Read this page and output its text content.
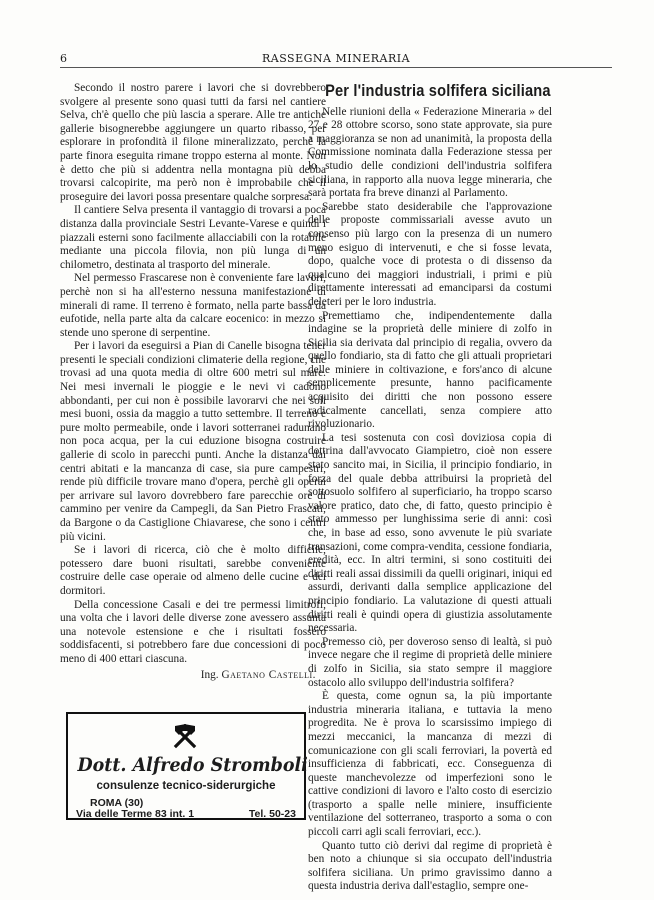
6	RASSEGNA MINERARIA

Secondo il nostro parere i lavori che si dovrebbero svolgere al presente sono quasi tutti da farsi nel cantiere Selva, ch'è quello che più lascia a sperare. Alle tre antiche gallerie bisognerebbe aggiungere un quarto ribasso, per esplorare in profondità il filone mineralizzato, perchè la parte finora eseguita rimane troppo esterna al monte. Non è detto che più si addentra nella montagna più debba trovarsi calcopirite, ma però non è improbabile che il proseguire dei lavori possa presentare qualche sorpresa.

Il cantiere Selva presenta il vantaggio di trovarsi a poca distanza dalla provinciale Sestri Levante-Varese e quindi i piazzali esterni sono facilmente allacciabili con la rotabile mediante una piccola filovia, non più lunga di un chilometro, destinata al trasporto del minerale.

Nel permesso Frascarese non è conveniente fare lavori, perchè non si ha all'esterno nessuna manifestazione di minerali di rame. Il terreno è formato, nella parte bassa da eufotide, nella parte alta da calcare eocenico: in mezzo si stende uno sperone di serpentine.

Per i lavori da eseguirsi a Pian di Canelle bisogna tener presenti le speciali condizioni climaterie della regione, che trovasi ad una quota media di oltre 600 metri sul mare. Nei mesi invernali le pioggie e le nevi vi cadono abbondanti, per cui non è possibile lavorarvi che nei soli mesi buoni, ossia da maggio a tutto settembre. Il terreno è pure molto permeabile, onde i lavori sotterranei radunano non poca acqua, per la cui eduzione bisogna costruire gallerie di scolo in parecchi punti. Anche la distanza dai centri abitati e la mancanza di case, sia pure campestri, rende più difficile trovare mano d'opera, perchè gli operai per arrivare sul lavoro dovrebbero fare parecchie ore di cammino per venire da Campegli, da San Pietro Frascati, da Bargone o da Castiglione Chiavarese, che sono i centri più vicini.

Se i lavori di ricerca, ciò che è molto difficile, potessero dare buoni risultati, sarebbe conveniente costruire delle case operaie od almeno delle cucine e dei dormitori.

Della concessione Casali e dei tre permessi limitrofi, una volta che i lavori delle diverse zone avessero assunta una notevole estensione e che i risultati fossero soddisfacenti, si potrebbero fare due concessioni di poco meno di 400 ettari ciascuna.

Ing. Gaetano Castelli.

Dott. Alfredo Stromboli
consulenze tecnico-siderurgiche
ROMA (30)
Via delle Terme 83 int. 1	Tel. 50-23

Per l'industria solfifera siciliana

Nelle riunioni della « Federazione Mineraria » del 27 e 28 ottobre scorso, sono state approvate, sia pure a maggioranza se non ad unanimità, la proposta della Commissione nominata dalla Federazione stessa per lo studio delle condizioni dell'industria solfifera siciliana, in rapporto alla nuova legge mineraria, che sarà portata fra breve dinanzi al Parlamento.

Sarebbe stato desiderabile che l'approvazione delle proposte commissariali avesse avuto un consenso più largo con la presenza di un numero meno esiguo di intervenuti, e che si fosse levata, dopo, qualche voce di protesta o di dissenso da qualcuno dei maggiori industriali, i primi e più direttamente interessati ad emanciparsi da costumi deleteri per le loro industria.

Premettiamo che, indipendentemente dalla indagine se la proprietà delle miniere di zolfo in Sicilia sia derivata dal principio di regalia, ovvero da quello fondiario, sta di fatto che gli attuali proprietari delle miniere in coltivazione, e fors'anco di alcune semplicemente presunte, hanno pacificamente acquisito dei diritti che non possono essere radicalmente cancellati, senza compiere atto rivoluzionario.

La tesi sostenuta con così doviziosa copia di dottrina dall'avvocato Giampietro, cioè non essere stato sancito mai, in Sicilia, il principio fondiario, in forza del quale debba attribuirsi la proprietà del sottosuolo solfifero al superficiario, ha troppo scarso valore pratico, dato che, di fatto, questo principio è stato ammesso per lunghissima serie di anni: così che, in base ad esso, sono avvenute le più svariate transazioni, come compra-vendita, cessione fondiaria, eredità, ecc. In altri termini, si sono costituiti dei diritti reali assai dissimili da quelli originari, iniqui ed assurdi, derivanti dalla semplice applicazione del principio fondiario. La valutazione di questi attuali diritti reali è quindi opera di giustizia assolutamente necessaria.

Premesso ciò, per doveroso senso di lealtà, si può invece negare che il regime di proprietà delle miniere di zolfo in Sicilia, sia stato sempre il maggiore ostacolo allo sviluppo dell'industria solfifera?

È questa, come ognun sa, la più importante industria mineraria italiana, e tuttavia la meno progredita. Ne è prova lo scarsissimo impiego di mezzi meccanici, la mancanza di mezzi di comunicazione con gli scali ferroviari, la povertà ed insufficienza di fabbricati, ecc. Conseguenza di queste manchevolezze od imperfezioni sono le cattive condizioni di lavoro e l'alto costo di esercizio (trasporto a spalle nelle miniere, insufficiente ventilazione del sotterraneo, trasporto a soma o con piccoli carri agli scali ferroviari, ecc.).

Quanto tutto ciò derivi dal regime di proprietà è ben noto a chiunque si sia occupato dell'industria solfifera siciliana. Un primo gravissimo danno a questa industria deriva dall'estaglio, sempre one-
